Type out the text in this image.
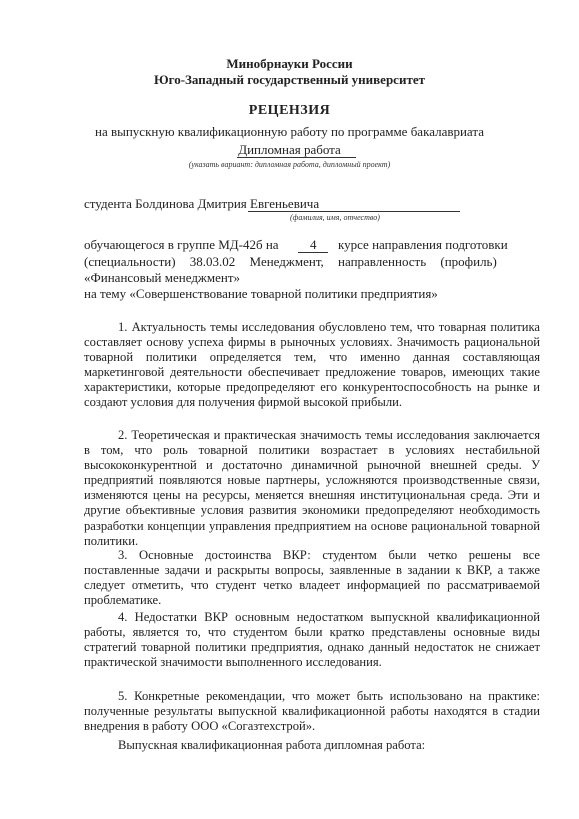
Минобрнауки России
Юго-Западный государственный университет
РЕЦЕНЗИЯ
на выпускную квалификационную работу по программе бакалавриата
Дипломная работа
(указать вариант: дипломная работа, дипломный проект)
студента Болдинова Дмитрия Евгеньевича
(фамилия, имя, отчество)
обучающегося в группе МД-42б на 4 курсе направления подготовки
(специальности) 38.03.02 Менеджмент, направленность (профиль)
«Финансовый менеджмент»
на тему «Совершенствование товарной политики предприятия»
1. Актуальность темы исследования обусловлено тем, что товарная политика составляет основу успеха фирмы в рыночных условиях. Значимость рациональной товарной политики определяется тем, что именно данная составляющая маркетинговой деятельности обеспечивает предложение товаров, имеющих такие характеристики, которые предопределяют его конкурентоспособность на рынке и создают условия для получения фирмой высокой прибыли.
2. Теоретическая и практическая значимость темы исследования заключается в том, что роль товарной политики возрастает в условиях нестабильной высококонкурентной и достаточно динамичной рыночной внешней среды. У предприятий появляются новые партнеры, усложняются производственные связи, изменяются цены на ресурсы, меняется внешняя институциональная среда. Эти и другие объективные условия развития экономики предопределяют необходимость разработки концепции управления предприятием на основе рациональной товарной политики.
3. Основные достоинства ВКР: студентом были четко решены все поставленные задачи и раскрыты вопросы, заявленные в задании к ВКР, а также следует отметить, что студент четко владеет информацией по рассматриваемой проблематике.
4. Недостатки ВКР основным недостатком выпускной квалификационной работы, является то, что студентом были кратко представлены основные виды стратегий товарной политики предприятия, однако данный недостаток не снижает практической значимости выполненного исследования.
5. Конкретные рекомендации, что может быть использовано на практике: полученные результаты выпускной квалификационной работы находятся в стадии внедрения в работу ООО «Согазтехстрой».
Выпускная квалификационная работа дипломная работа:
